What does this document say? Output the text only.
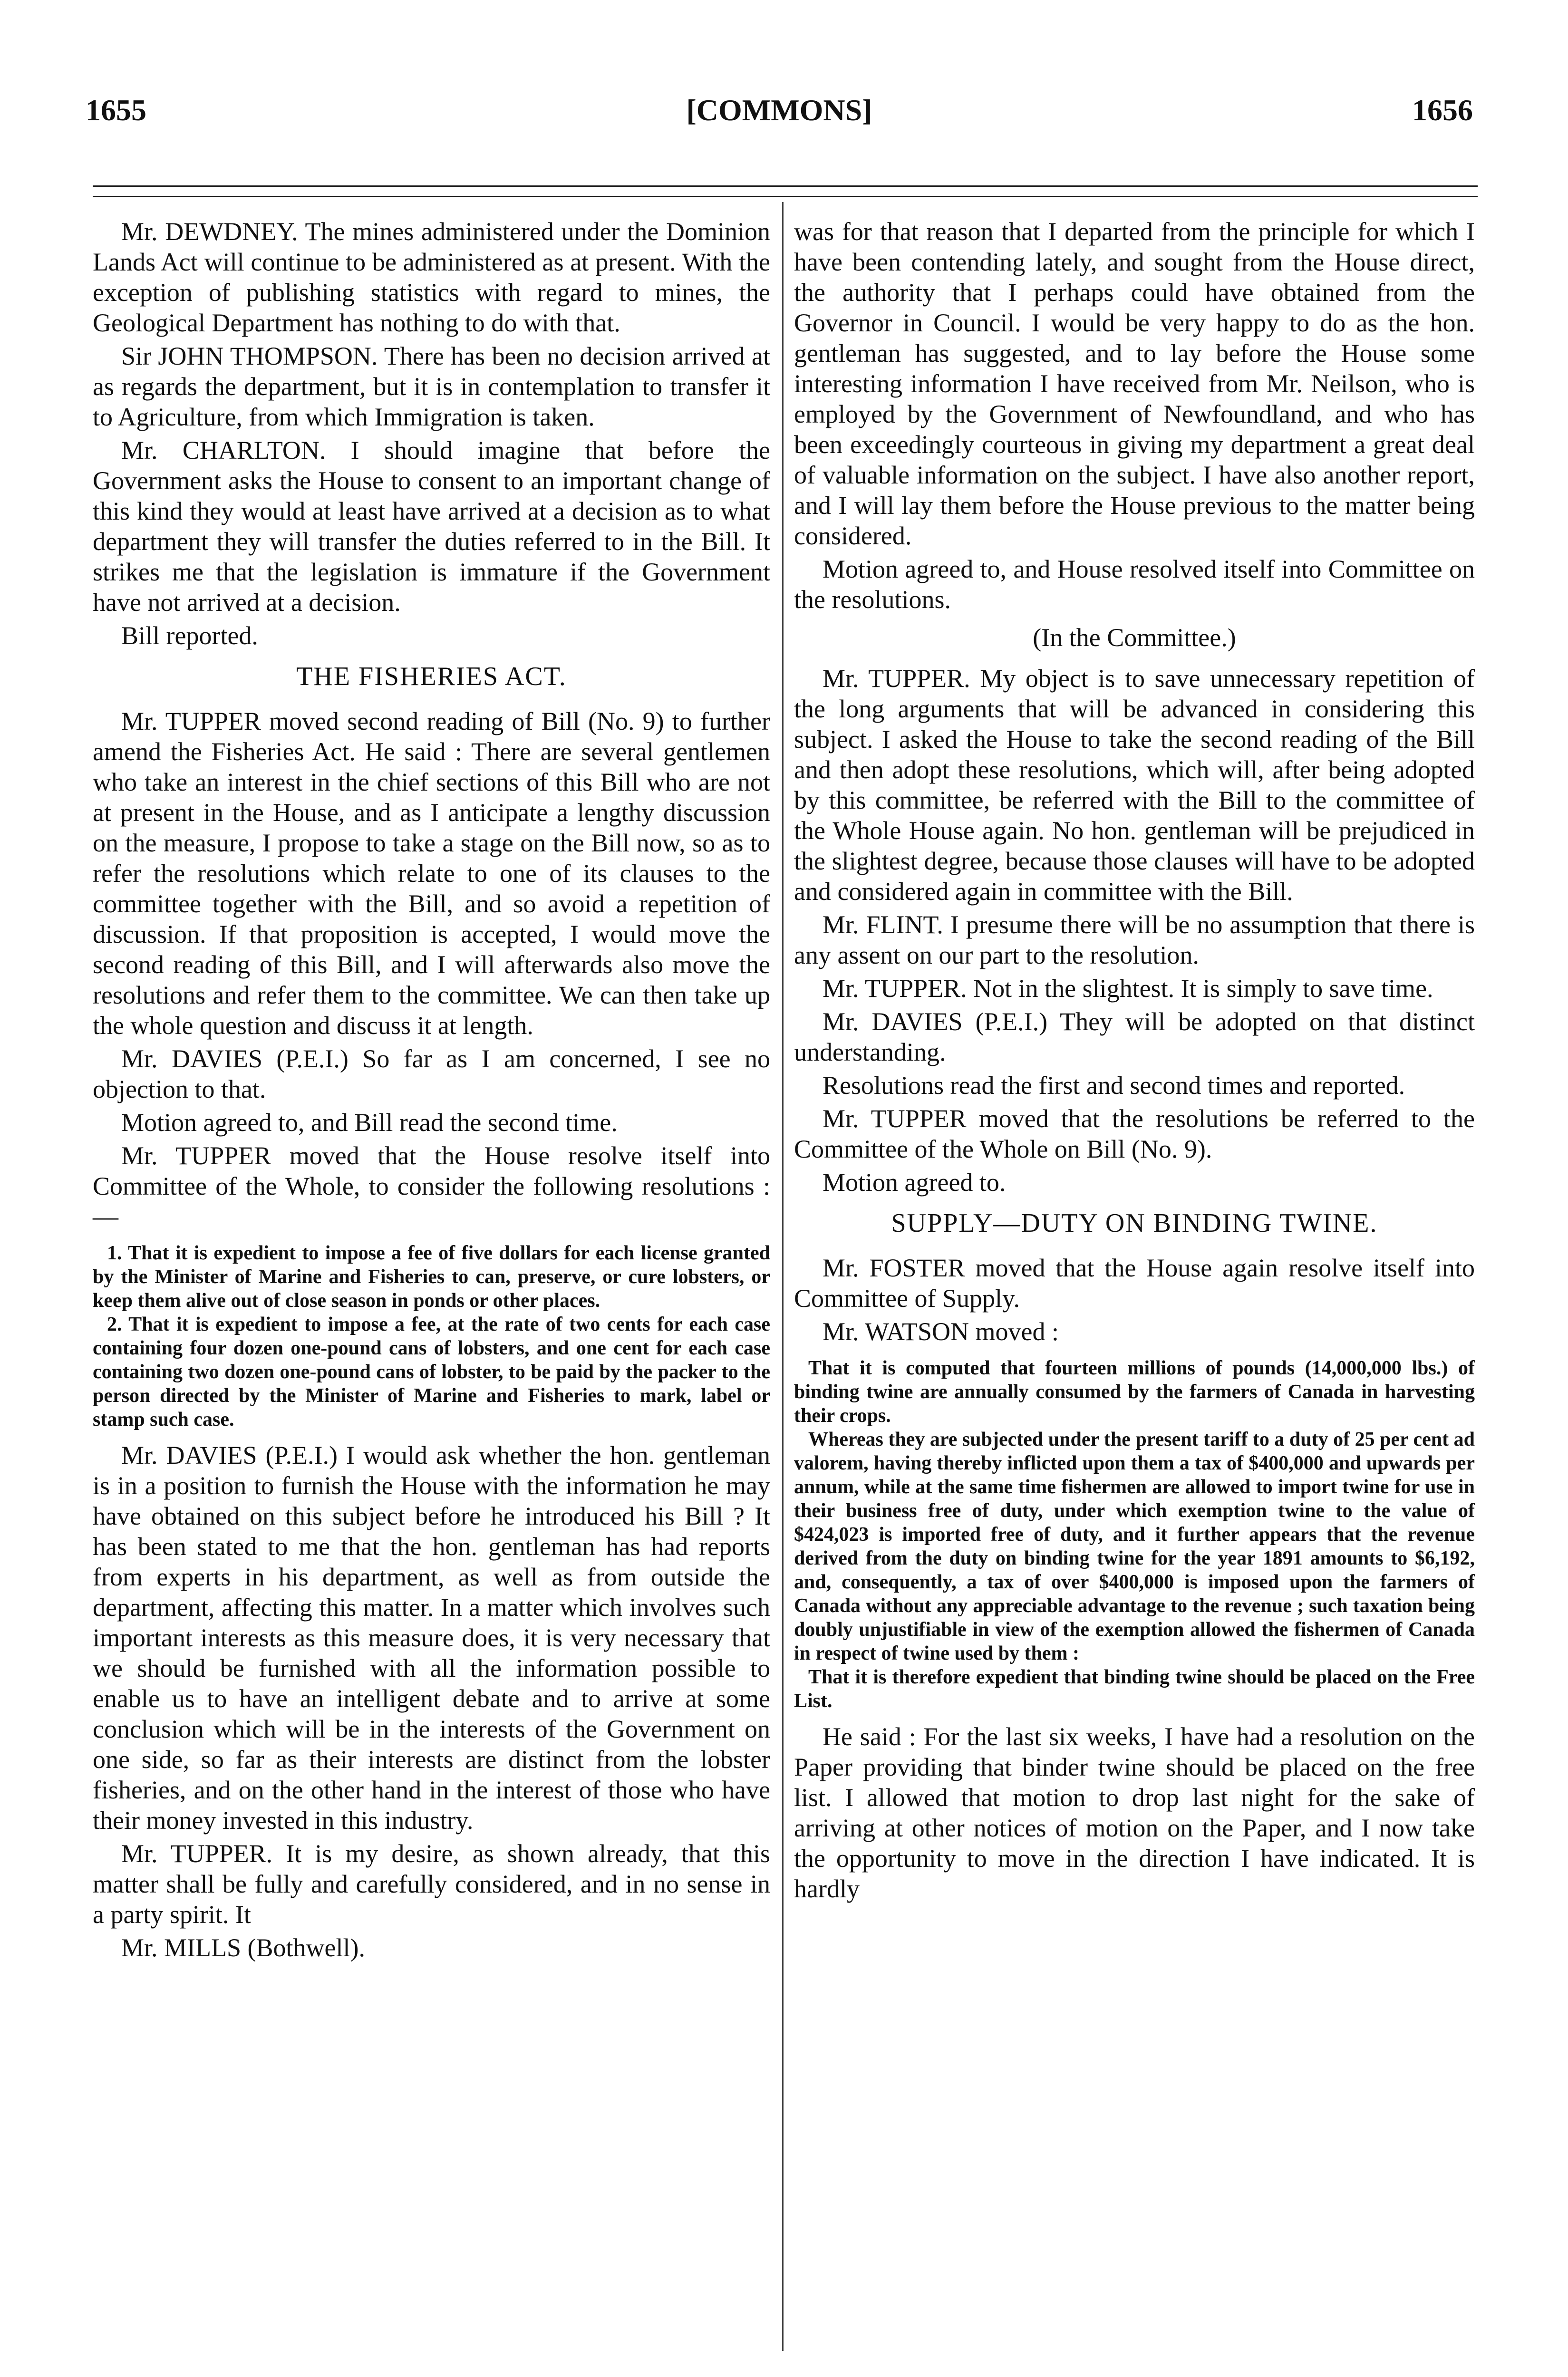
1655	[COMMONS]	1656
Mr. DEWDNEY. The mines administered under the Dominion Lands Act will continue to be administered as at present. With the exception of publishing statistics with regard to mines, the Geological Department has nothing to do with that.
Sir JOHN THOMPSON. There has been no decision arrived at as regards the department, but it is in contemplation to transfer it to Agriculture, from which Immigration is taken.
Mr. CHARLTON. I should imagine that before the Government asks the House to consent to an important change of this kind they would at least have arrived at a decision as to what department they will transfer the duties referred to in the Bill. It strikes me that the legislation is immature if the Government have not arrived at a decision.
Bill reported.
THE FISHERIES ACT.
Mr. TUPPER moved second reading of Bill (No. 9) to further amend the Fisheries Act. He said : There are several gentlemen who take an interest in the chief sections of this Bill who are not at present in the House, and as I anticipate a lengthy discussion on the measure, I propose to take a stage on the Bill now, so as to refer the resolutions which relate to one of its clauses to the committee together with the Bill, and so avoid a repetition of discussion. If that proposition is accepted, I would move the second reading of this Bill, and I will afterwards also move the resolutions and refer them to the committee. We can then take up the whole question and discuss it at length.
Mr. DAVIES (P.E.I.) So far as I am concerned, I see no objection to that.
Motion agreed to, and Bill read the second time.
Mr. TUPPER moved that the House resolve itself into Committee of the Whole, to consider the following resolutions :—
1. That it is expedient to impose a fee of five dollars for each license granted by the Minister of Marine and Fisheries to can, preserve, or cure lobsters, or keep them alive out of close season in ponds or other places.
2. That it is expedient to impose a fee, at the rate of two cents for each case containing four dozen one-pound cans of lobsters, and one cent for each case containing two dozen one-pound cans of lobster, to be paid by the packer to the person directed by the Minister of Marine and Fisheries to mark, label or stamp such case.
Mr. DAVIES (P.E.I.) I would ask whether the hon. gentleman is in a position to furnish the House with the information he may have obtained on this subject before he introduced his Bill ? It has been stated to me that the hon. gentleman has had reports from experts in his department, as well as from outside the department, affecting this matter. In a matter which involves such important interests as this measure does, it is very necessary that we should be furnished with all the information possible to enable us to have an intelligent debate and to arrive at some conclusion which will be in the interests of the Government on one side, so far as their interests are distinct from the lobster fisheries, and on the other hand in the interest of those who have their money invested in this industry.
Mr. TUPPER. It is my desire, as shown already, that this matter shall be fully and carefully considered, and in no sense in a party spirit. It
Mr. MILLS (Bothwell).
was for that reason that I departed from the principle for which I have been contending lately, and sought from the House direct, the authority that I perhaps could have obtained from the Governor in Council. I would be very happy to do as the hon. gentleman has suggested, and to lay before the House some interesting information I have received from Mr. Neilson, who is employed by the Government of Newfoundland, and who has been exceedingly courteous in giving my department a great deal of valuable information on the subject. I have also another report, and I will lay them before the House previous to the matter being considered.
Motion agreed to, and House resolved itself into Committee on the resolutions.
(In the Committee.)
Mr. TUPPER. My object is to save unnecessary repetition of the long arguments that will be advanced in considering this subject. I asked the House to take the second reading of the Bill and then adopt these resolutions, which will, after being adopted by this committee, be referred with the Bill to the committee of the Whole House again. No hon. gentleman will be prejudiced in the slightest degree, because those clauses will have to be adopted and considered again in committee with the Bill.
Mr. FLINT. I presume there will be no assumption that there is any assent on our part to the resolution.
Mr. TUPPER. Not in the slightest. It is simply to save time.
Mr. DAVIES (P.E.I.) They will be adopted on that distinct understanding.
Resolutions read the first and second times and reported.
Mr. TUPPER moved that the resolutions be referred to the Committee of the Whole on Bill (No. 9).
Motion agreed to.
SUPPLY—DUTY ON BINDING TWINE.
Mr. FOSTER moved that the House again resolve itself into Committee of Supply.
Mr. WATSON moved :
That it is computed that fourteen millions of pounds (14,000,000 lbs.) of binding twine are annually consumed by the farmers of Canada in harvesting their crops.
Whereas they are subjected under the present tariff to a duty of 25 per cent ad valorem, having thereby inflicted upon them a tax of $400,000 and upwards per annum, while at the same time fishermen are allowed to import twine for use in their business free of duty, under which exemption twine to the value of $424,023 is imported free of duty, and it further appears that the revenue derived from the duty on binding twine for the year 1891 amounts to $6,192, and, consequently, a tax of over $400,000 is imposed upon the farmers of Canada without any appreciable advantage to the revenue ; such taxation being doubly unjustifiable in view of the exemption allowed the fishermen of Canada in respect of twine used by them :
That it is therefore expedient that binding twine should be placed on the Free List.
He said : For the last six weeks, I have had a resolution on the Paper providing that binder twine should be placed on the free list. I allowed that motion to drop last night for the sake of arriving at other notices of motion on the Paper, and I now take the opportunity to move in the direction I have indicated. It is hardly
